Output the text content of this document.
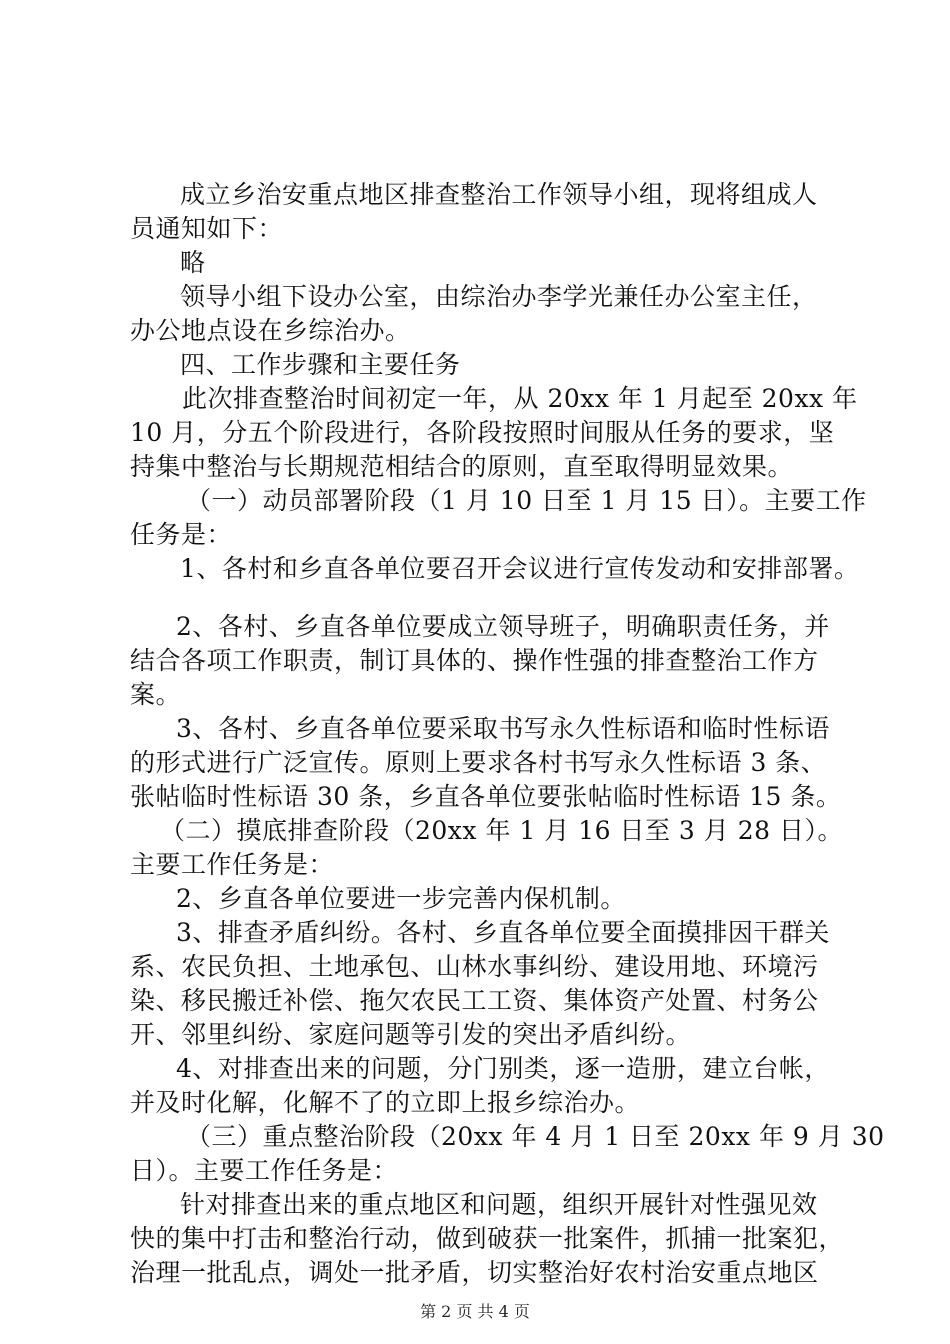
成立乡治安重点地区排查整治工作领导小组，现将组成人
员通知如下：
略
领导小组下设办公室，由综治办李学光兼任办公室主任，
办公地点设在乡综治办。
四、工作步骤和主要任务
此次排查整治时间初定一年，从 20xx 年 1 月起至 20xx 年
10 月，分五个阶段进行，各阶段按照时间服从任务的要求，坚
持集中整治与长期规范相结合的原则，直至取得明显效果。
（一）动员部署阶段（1 月 10 日至 1 月 15 日）。主要工作
任务是：
1、各村和乡直各单位要召开会议进行宣传发动和安排部署。
2、各村、乡直各单位要成立领导班子，明确职责任务，并
结合各项工作职责，制订具体的、操作性强的排查整治工作方
案。
3、各村、乡直各单位要采取书写永久性标语和临时性标语
的形式进行广泛宣传。原则上要求各村书写永久性标语 3 条、
张帖临时性标语 30 条，乡直各单位要张帖临时性标语 15 条。
（二）摸底排查阶段（20xx 年 1 月 16 日至 3 月 28 日）。
主要工作任务是：
2、乡直各单位要进一步完善内保机制。
3、排查矛盾纠纷。各村、乡直各单位要全面摸排因干群关
系、农民负担、土地承包、山林水事纠纷、建设用地、环境污
染、移民搬迁补偿、拖欠农民工工资、集体资产处置、村务公
开、邻里纠纷、家庭问题等引发的突出矛盾纠纷。
4、对排查出来的问题，分门别类，逐一造册，建立台帐，
并及时化解，化解不了的立即上报乡综治办。
（三）重点整治阶段（20xx 年 4 月 1 日至 20xx 年 9 月 30
日）。主要工作任务是：
针对排查出来的重点地区和问题，组织开展针对性强见效
快的集中打击和整治行动，做到破获一批案件，抓捕一批案犯，
治理一批乱点，调处一批矛盾，切实整治好农村治安重点地区
第 2 页 共 4 页
